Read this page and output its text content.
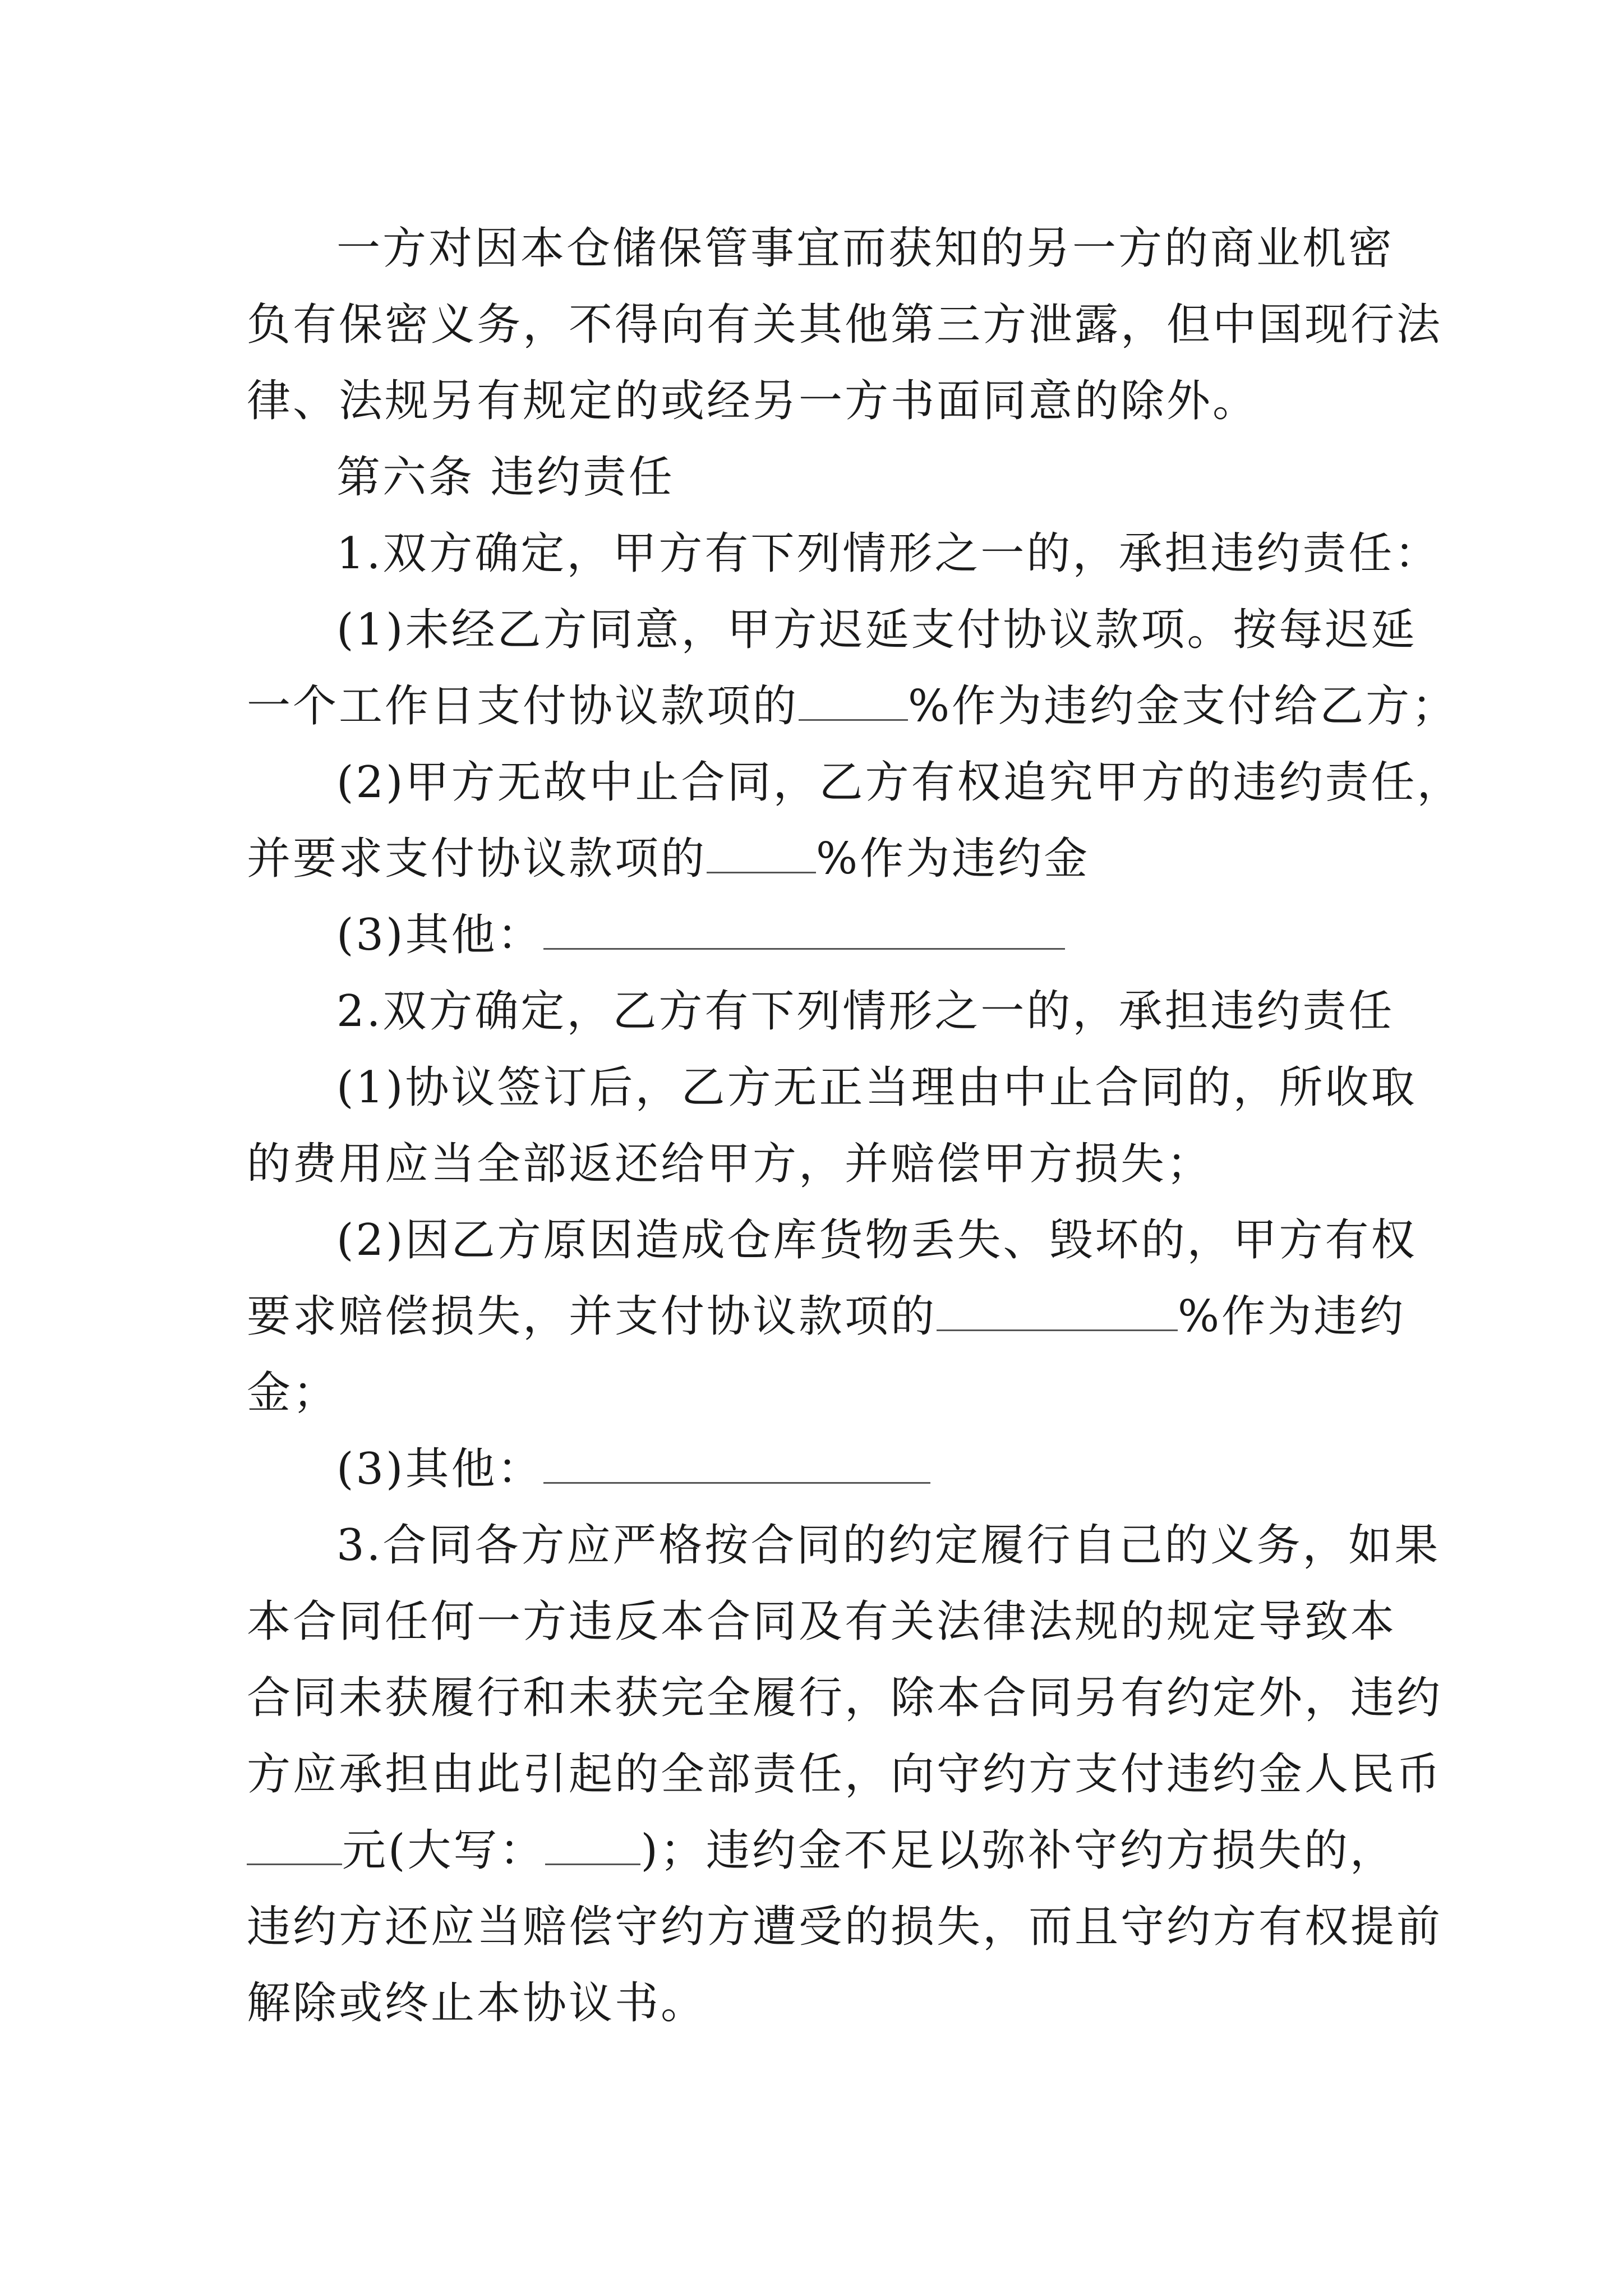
一方对因本仓储保管事宜而获知的另一方的商业机密
负有保密义务，不得向有关其他第三方泄露，但中国现行法
律、法规另有规定的或经另一方书面同意的除外。
第六条 违约责任
1.双方确定，甲方有下列情形之一的，承担违约责任：
(1)未经乙方同意，甲方迟延支付协议款项。按每迟延
一个工作日支付协议款项的	%作为违约金支付给乙方；
(2)甲方无故中止合同，乙方有权追究甲方的违约责任，
并要求支付协议款项的	%作为违约金
(3)其他：
2.双方确定，乙方有下列情形之一的，承担违约责任
(1)协议签订后，乙方无正当理由中止合同的，所收取
的费用应当全部返还给甲方，并赔偿甲方损失；
(2)因乙方原因造成仓库货物丢失、毁坏的，甲方有权
要求赔偿损失，并支付协议款项的	%作为违约
金；
(3)其他：
3.合同各方应严格按合同的约定履行自己的义务，如果
本合同任何一方违反本合同及有关法律法规的规定导致本
合同未获履行和未获完全履行，除本合同另有约定外，违约
方应承担由此引起的全部责任，向守约方支付违约金人民币
元(大写： )；违约金不足以弥补守约方损失的，
违约方还应当赔偿守约方遭受的损失，而且守约方有权提前
解除或终止本协议书。
